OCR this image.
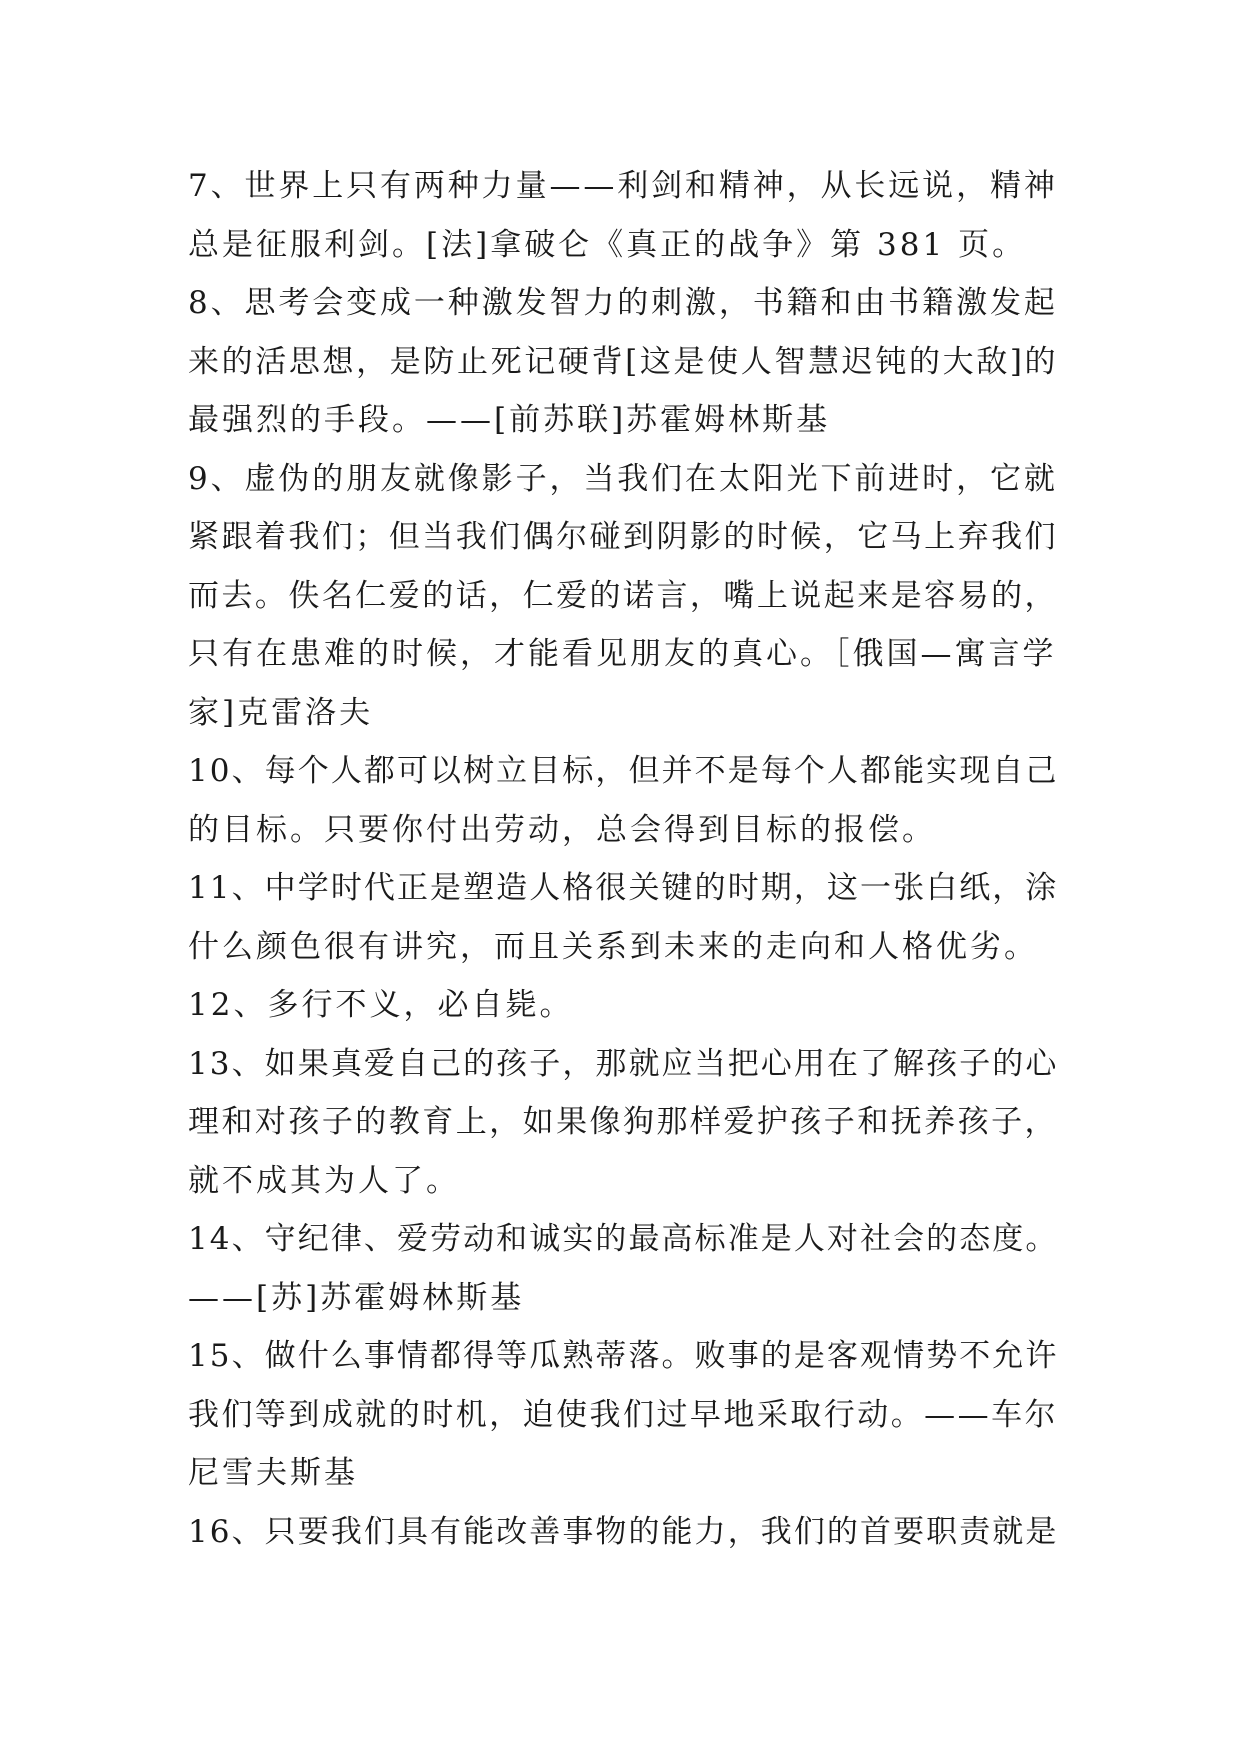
7、世界上只有两种力量——利剑和精神，从长远说，精神
总是征服利剑。[法]拿破仑《真正的战争》第 381 页。

8、思考会变成一种激发智力的刺激，书籍和由书籍激发起
来的活思想，是防止死记硬背[这是使人智慧迟钝的大敌]的
最强烈的手段。——[前苏联]苏霍姆林斯基

9、虚伪的朋友就像影子，当我们在太阳光下前进时，它就
紧跟着我们；但当我们偶尔碰到阴影的时候，它马上弃我们
而去。佚名仁爱的话，仁爱的诺言，嘴上说起来是容易的，
只有在患难的时候，才能看见朋友的真心。［俄国—寓言学
家]克雷洛夫

10、每个人都可以树立目标，但并不是每个人都能实现自己
的目标。只要你付出劳动，总会得到目标的报偿。

11、中学时代正是塑造人格很关键的时期，这一张白纸，涂
什么颜色很有讲究，而且关系到未来的走向和人格优劣。

12、多行不义，必自毙。

13、如果真爱自己的孩子，那就应当把心用在了解孩子的心
理和对孩子的教育上，如果像狗那样爱护孩子和抚养孩子，
就不成其为人了。

14、守纪律、爱劳动和诚实的最高标准是人对社会的态度。
——[苏]苏霍姆林斯基

15、做什么事情都得等瓜熟蒂落。败事的是客观情势不允许
我们等到成就的时机，迫使我们过早地采取行动。——车尔
尼雪夫斯基

16、只要我们具有能改善事物的能力，我们的首要职责就是
